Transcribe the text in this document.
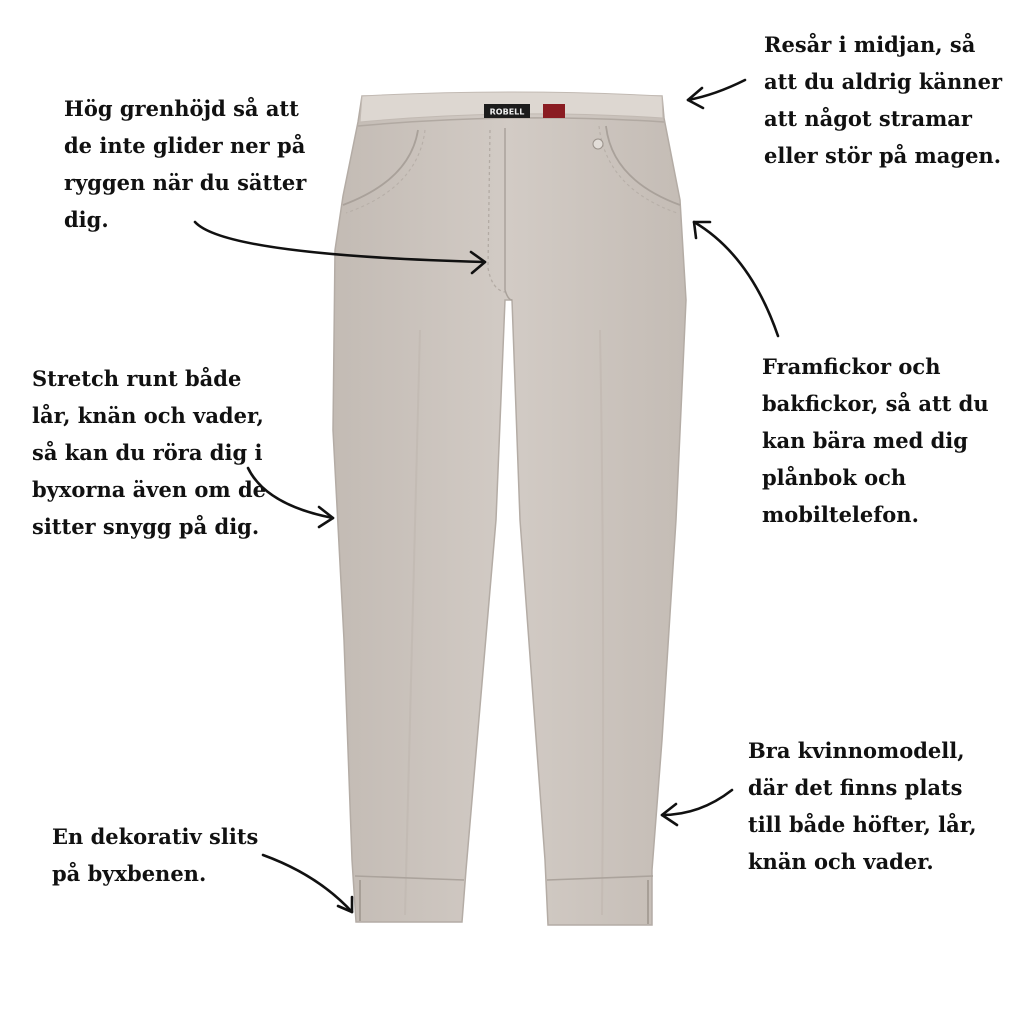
ROBELL

Hög grenhöjd så att
de inte glider ner på
ryggen när du sätter
dig.

Resår i midjan, så
att du aldrig känner
att något stramar
eller stör på magen.

Stretch runt både
lår, knän och vader,
så kan du röra dig i
byxorna även om de
sitter snygg på dig.

Framfickor och
bakfickor, så att du
kan bära med dig
plånbok och
mobiltelefon.

Bra kvinnomodell,
där det finns plats
till både höfter, lår,
knän och vader.

En dekorativ slits
på byxbenen.
